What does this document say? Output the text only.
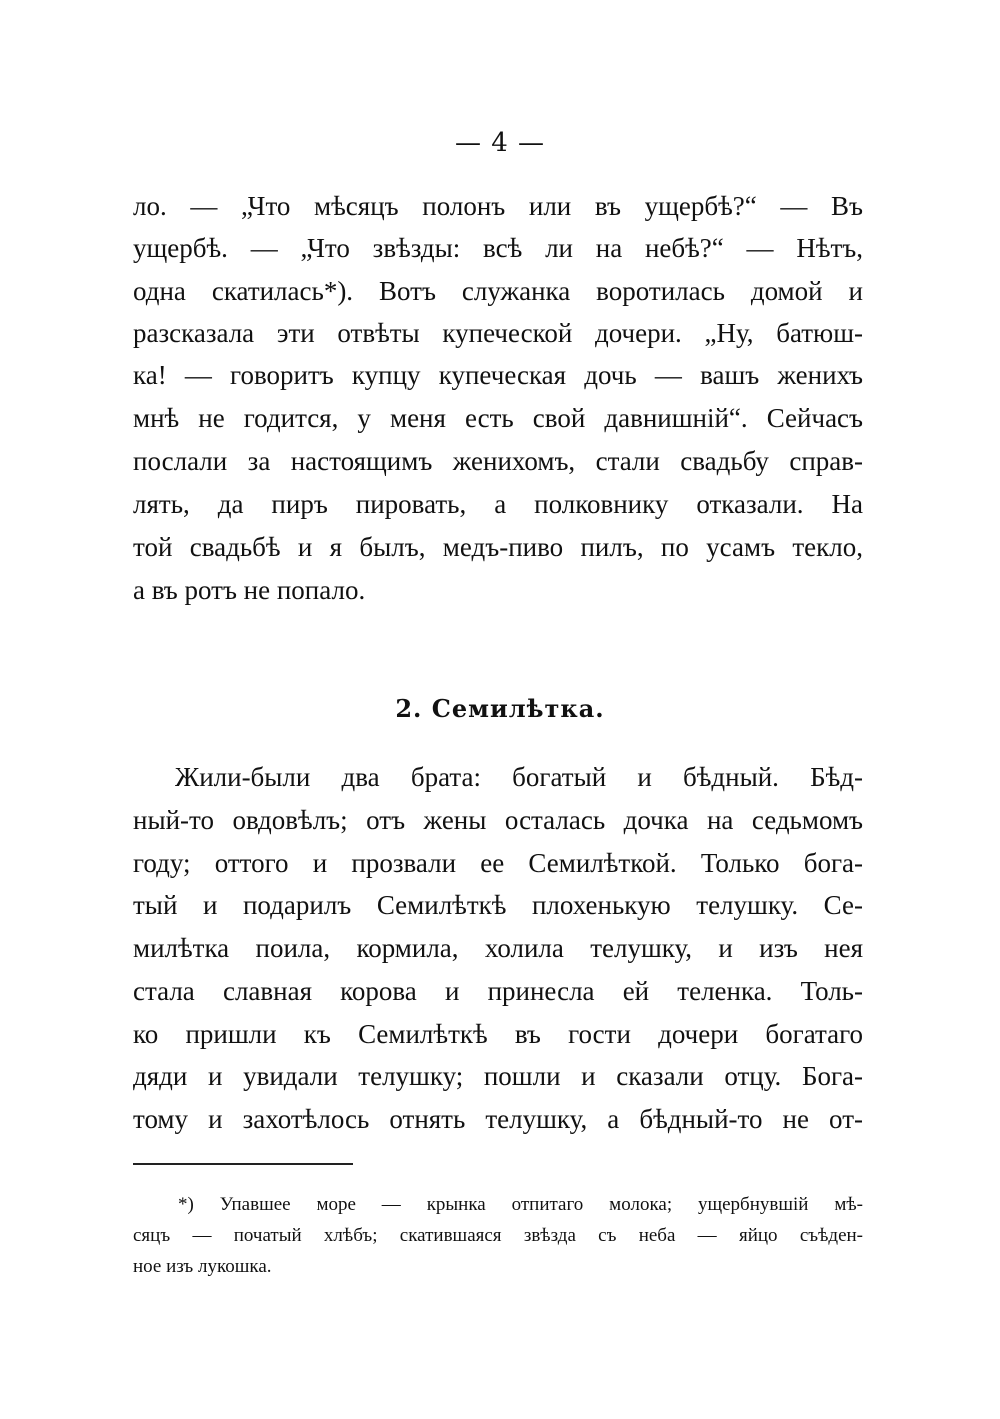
— 4 —
ло. — „Что мѣсяцъ полонъ или въ ущербѣ?“ — Въ
ущербѣ. — „Что звѣзды: всѣ ли на небѣ?“ — Нѣтъ,
одна скатилась*). Вотъ служанка воротилась домой и
разсказала эти отвѣты купеческой дочери. „Ну, батюш-
ка! — говоритъ купцу купеческая дочь — вашъ женихъ
мнѣ не годится, у меня есть свой давнишній“. Сейчасъ
послали за настоящимъ женихомъ, стали свадьбу справ-
лять, да пиръ пировать, а полковнику отказали. На
той свадьбѣ и я былъ, медъ-пиво пилъ, по усамъ текло,
а въ ротъ не попало.
2. Семилѣтка.
Жили-были два брата: богатый и бѣдный. Бѣд-
ный-то овдовѣлъ; отъ жены осталась дочка на седьмомъ
году; оттого и прозвали ее Семилѣткой. Только бога-
тый и подарилъ Семилѣткѣ плохенькую телушку. Се-
милѣтка поила, кормила, холила телушку, и изъ нея
стала славная корова и принесла ей теленка. Толь-
ко пришли къ Семилѣткѣ въ гости дочери богатаго
дяди и увидали телушку; пошли и сказали отцу. Бога-
тому и захотѣлось отнять телушку, а бѣдный-то не от-
*) Упавшее море — крынка отпитаго молока; ущербнувшій мѣ-
сяцъ — початый хлѣбъ; скатившаяся звѣзда съ неба — яйцо съѣден-
ное изъ лукошка.
